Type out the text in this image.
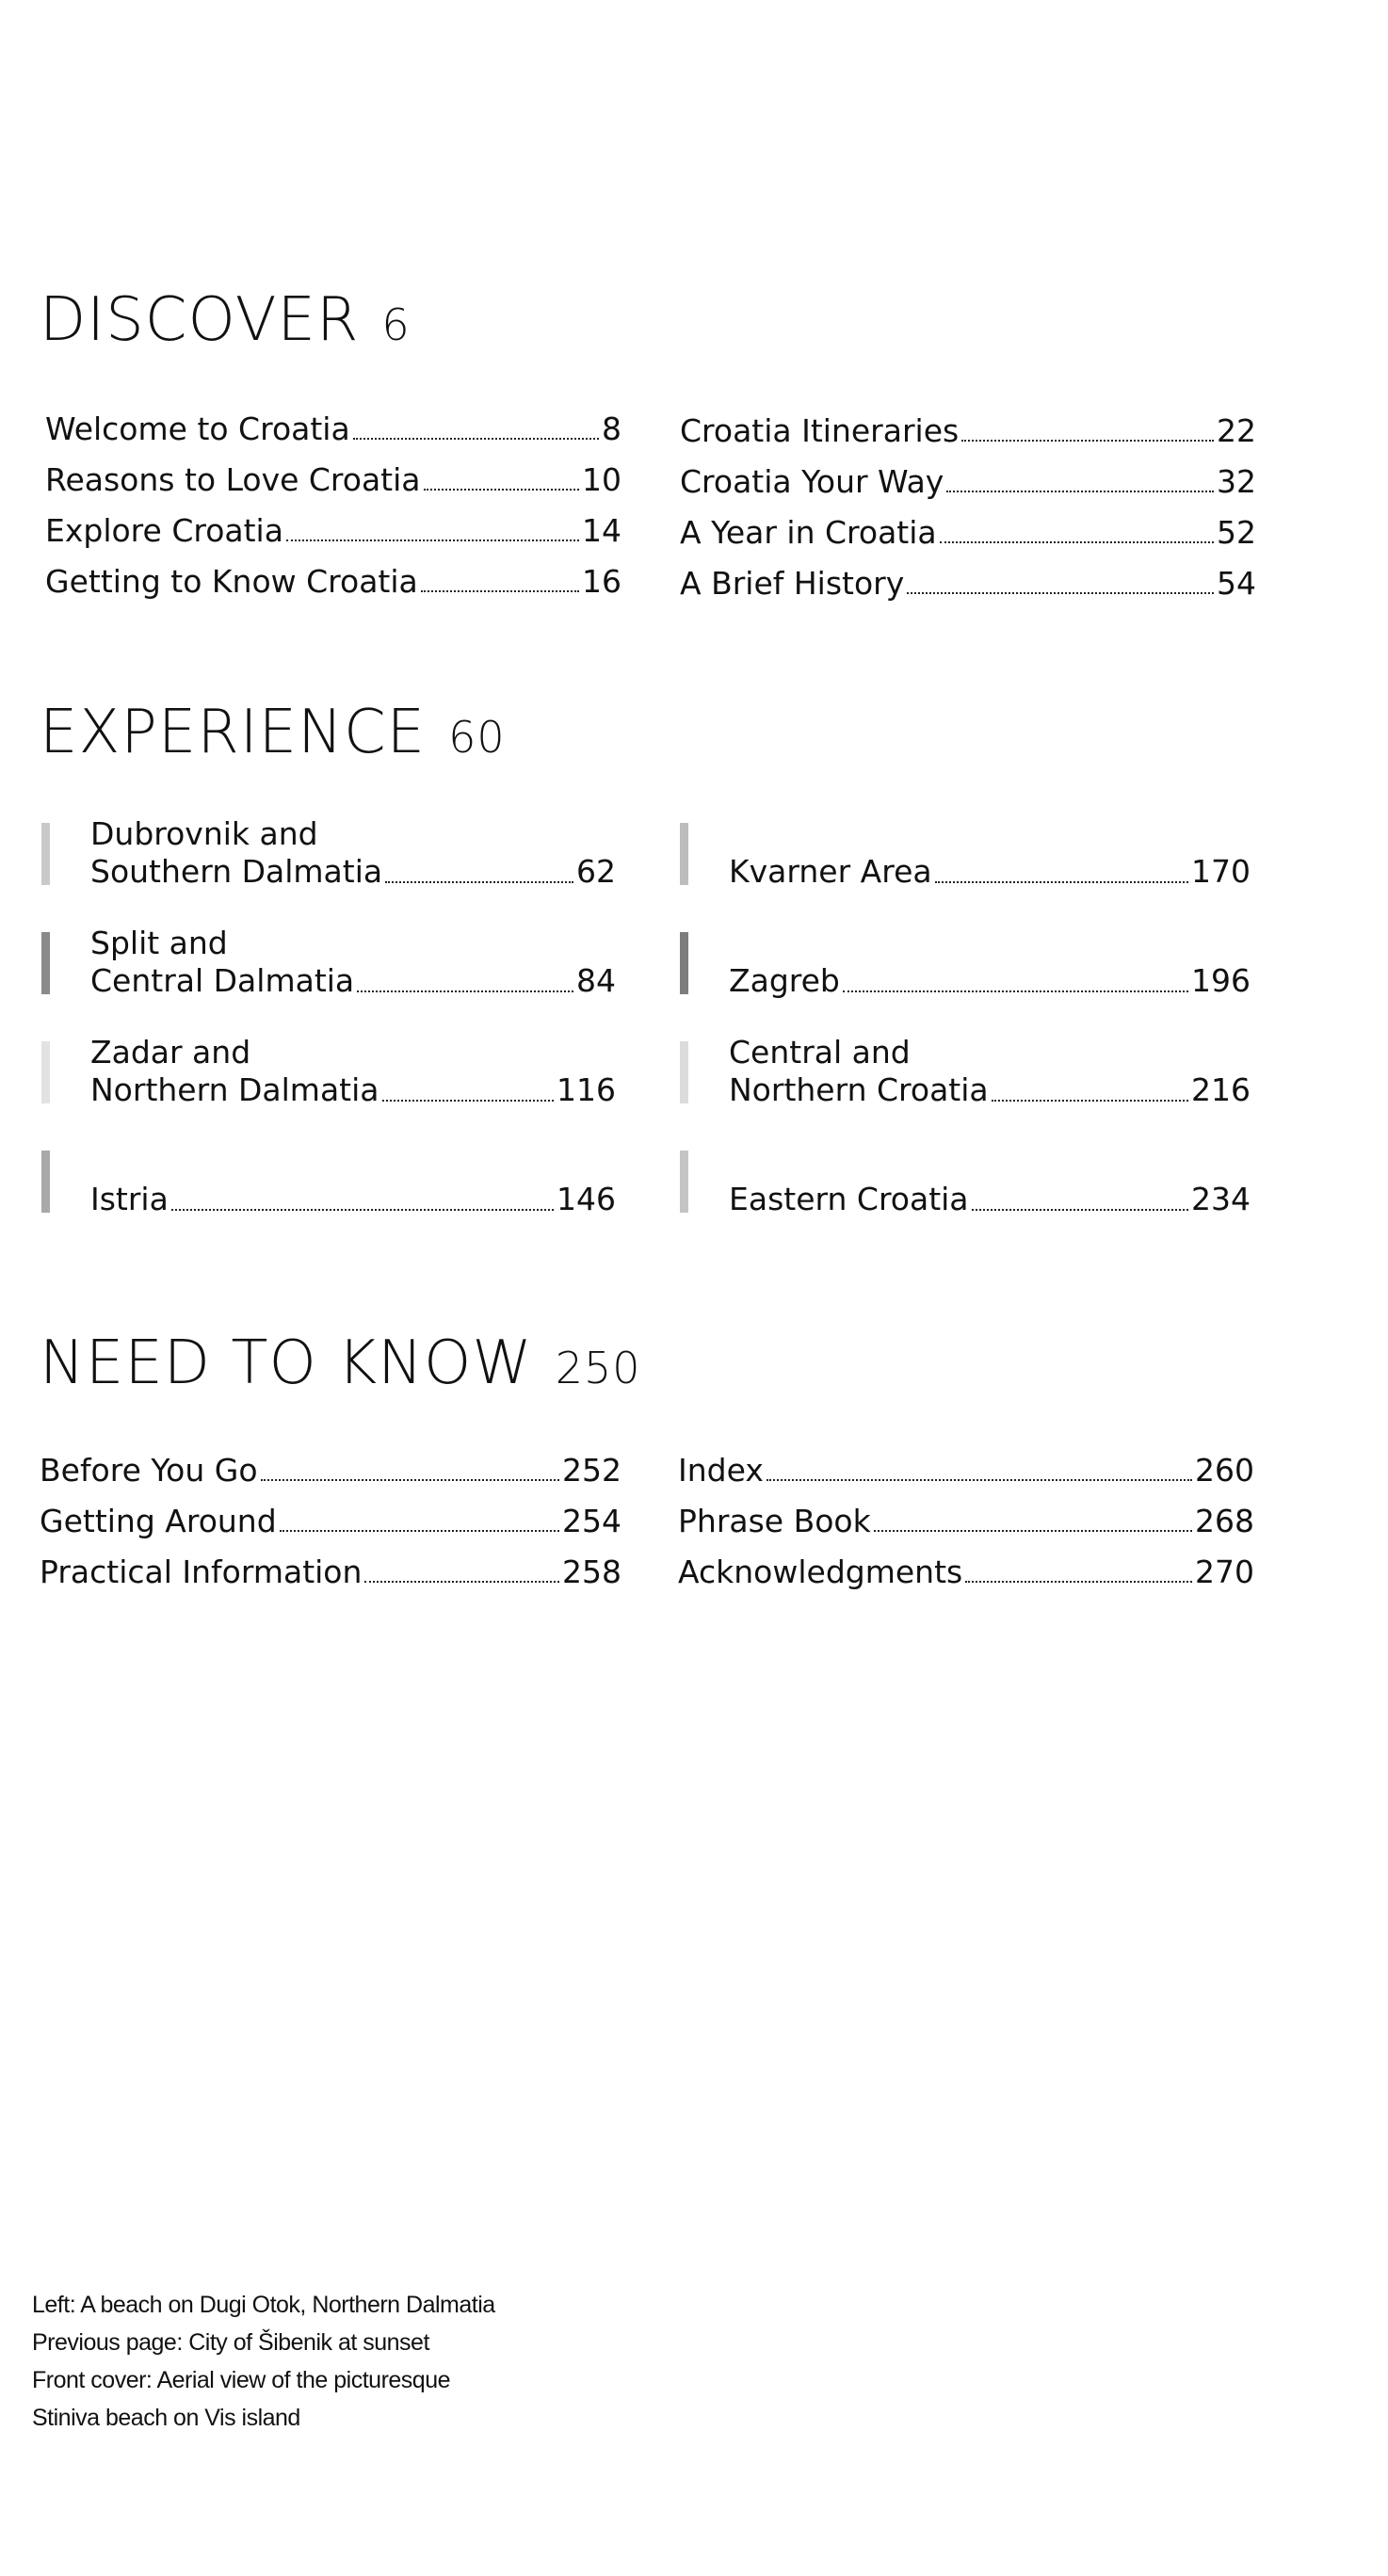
DISCOVER 6
Welcome to Croatia	8
Reasons to Love Croatia	10
Explore Croatia	14
Getting to Know Croatia	16
Croatia Itineraries	22
Croatia Your Way	32
A Year in Croatia	52
A Brief History	54
EXPERIENCE 60
Dubrovnik and
Southern Dalmatia	62
Split and
Central Dalmatia	84
Zadar and
Northern Dalmatia	116
Istria	146
Kvarner Area	170
Zagreb	196
Central and
Northern Croatia	216
Eastern Croatia	234
NEED TO KNOW 250
Before You Go	252
Getting Around	254
Practical Information	258
Index	260
Phrase Book	268
Acknowledgments	270
Left: A beach on Dugi Otok, Northern Dalmatia
Previous page: City of Šibenik at sunset
Front cover: Aerial view of the picturesque
Stiniva beach on Vis island
